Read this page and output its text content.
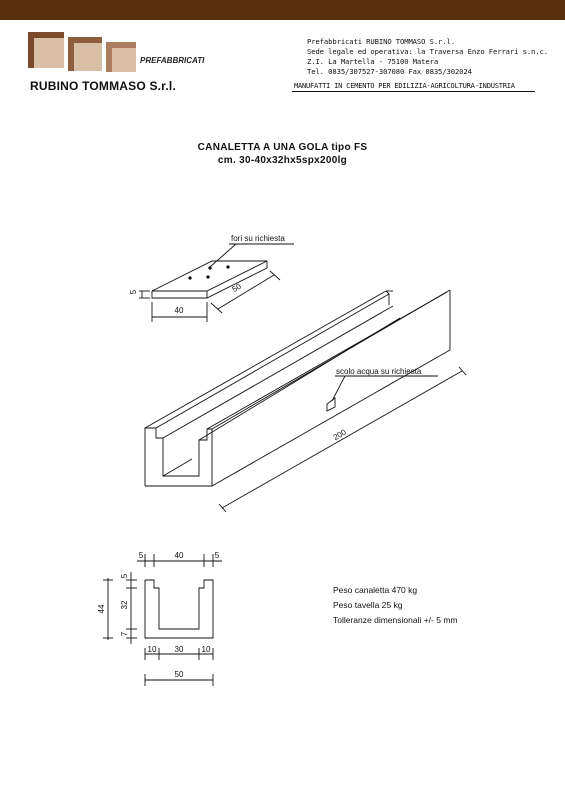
PREFABBRICATI
RUBINO TOMMASO S.r.l.
Prefabbricati RUBINO TOMMASO S.r.l.
Sede legale ed operativa: la Traversa Enzo Ferrari s.n.c.
Z.I. La Martella - 75100 Matera
Tel. 0835/307527-307080 Fax 0835/302024
MANUFATTI IN CEMENTO PER EDILIZIA-AGRICOLTURA-INDUSTRIA
CANALETTA A UNA GOLA tipo FS
cm. 30-40x32hx5spx200lg
fori su richiesta
5	50
40
scolo acqua su richiesta
200
5	40	5
44
5
32
7
10 30 10
50
Peso canaletta 470 kg
Peso tavella 25 kg
Tolleranze dimensionali +/- 5 mm
